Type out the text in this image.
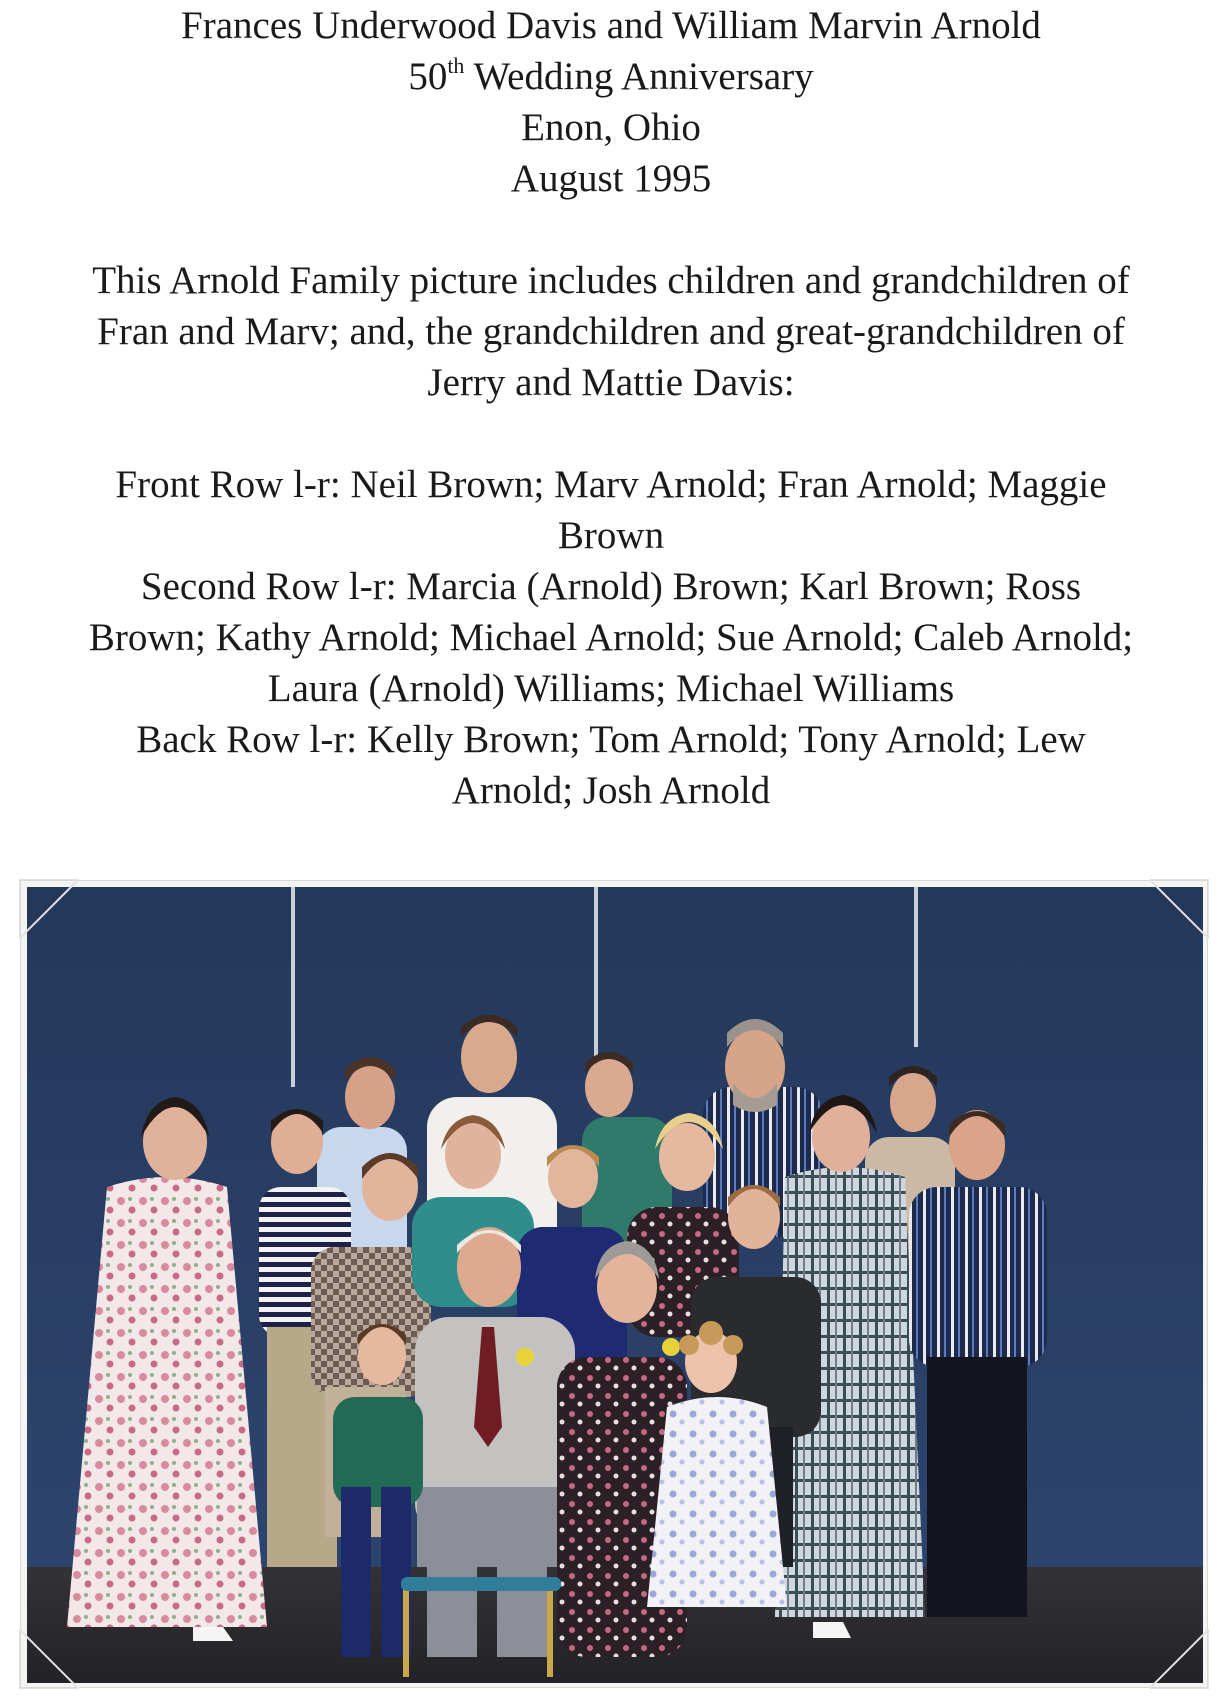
Frances Underwood Davis and William Marvin Arnold
50th Wedding Anniversary
Enon, Ohio
August 1995
This Arnold Family picture includes children and grandchildren of
Fran and Marv; and, the grandchildren and great-grandchildren of
Jerry and Mattie Davis:
Front Row l-r: Neil Brown; Marv Arnold; Fran Arnold; Maggie
Brown
Second Row l-r: Marcia (Arnold) Brown; Karl Brown; Ross
Brown; Kathy Arnold; Michael Arnold; Sue Arnold; Caleb Arnold;
Laura (Arnold) Williams; Michael Williams
Back Row l-r: Kelly Brown; Tom Arnold; Tony Arnold; Lew
Arnold; Josh Arnold
